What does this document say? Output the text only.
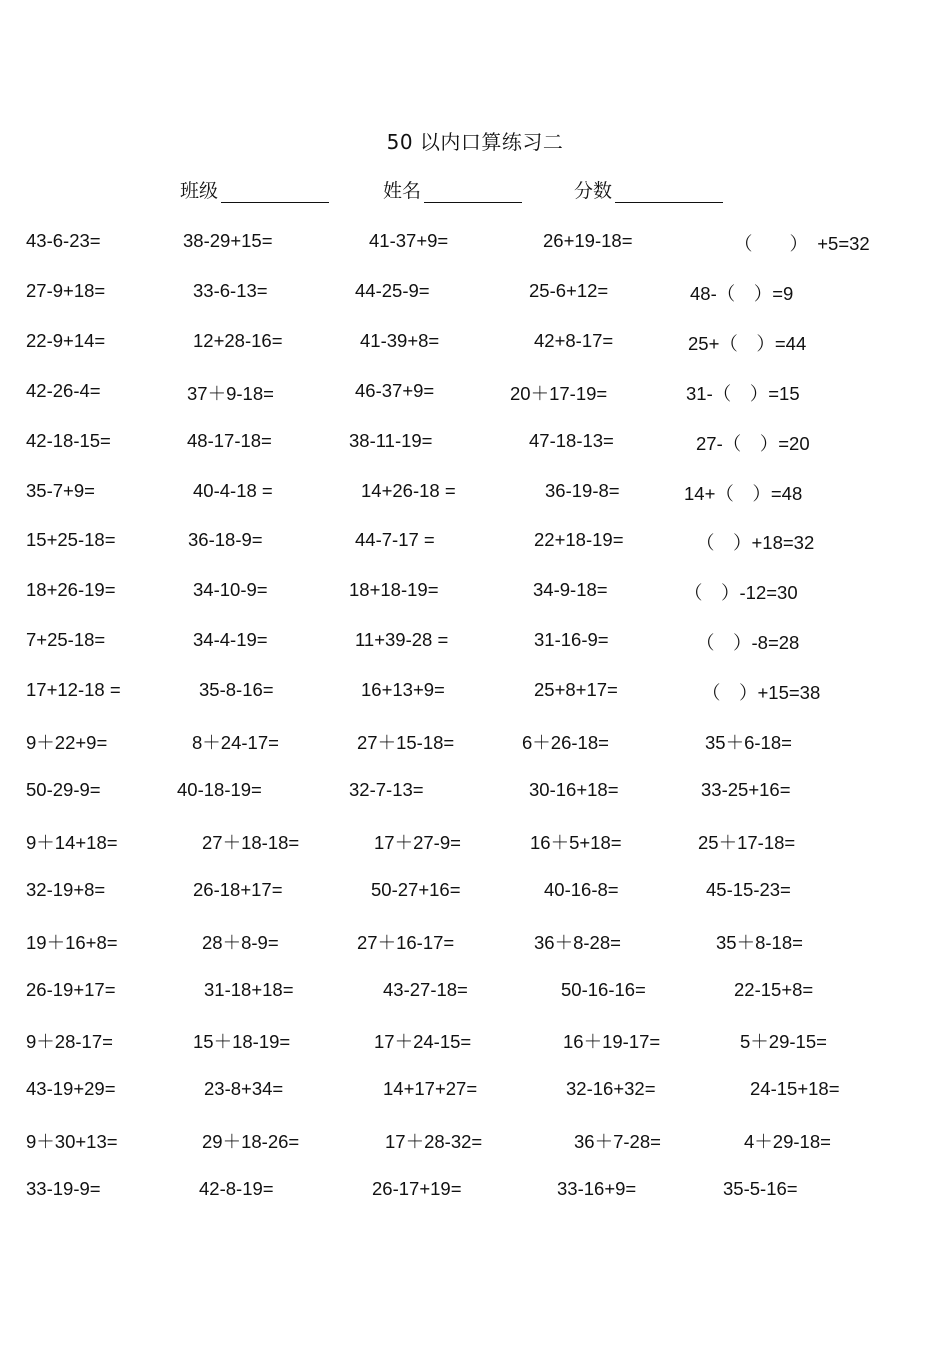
50 以内口算练习二
班级	姓名	分数
43-6-23=	38-29+15=	41-37+9=	26+19-18=	（　　）　+5=32
27-9+18=	33-6-13=	44-25-9=	25-6+12=	48-（　）=9
22-9+14=	12+28-16=	41-39+8=	42+8-17=	25+（　）=44
42-26-4=	37＋9-18=	46-37+9=	20＋17-19=	31-（　）=15
42-18-15=	48-17-18=	38-11-19=	47-18-13=	27-（　）=20
35-7+9=	40-4-18 =	14+26-18 =	36-19-8=	14+（　）=48
15+25-18=	36-18-9=	44-7-17 =	22+18-19=	（　）+18=32
18+26-19=	34-10-9=	18+18-19=	34-9-18=	（　）-12=30
7+25-18=	34-4-19=	11+39-28 =	31-16-9=	（　）-8=28
17+12-18 =	35-8-16=	16+13+9=	25+8+17=	（　）+15=38
9＋22+9=	8＋24-17=	27＋15-18=	6＋26-18=	35＋6-18=
50-29-9=	40-18-19=	32-7-13=	30-16+18=	33-25+16=
9＋14+18=	27＋18-18=	17＋27-9=	16＋5+18=	25＋17-18=
32-19+8=	26-18+17=	50-27+16=	40-16-8=	45-15-23=
19＋16+8=	28＋8-9=	27＋16-17=	36＋8-28=	35＋8-18=
26-19+17=	31-18+18=	43-27-18=	50-16-16=	22-15+8=
9＋28-17=	15＋18-19=	17＋24-15=	16＋19-17=	5＋29-15=
43-19+29=	23-8+34=	14+17+27=	32-16+32=	24-15+18=
9＋30+13=	29＋18-26=	17＋28-32=	36＋7-28=	4＋29-18=
33-19-9=	42-8-19=	26-17+19=	33-16+9=	35-5-16=
